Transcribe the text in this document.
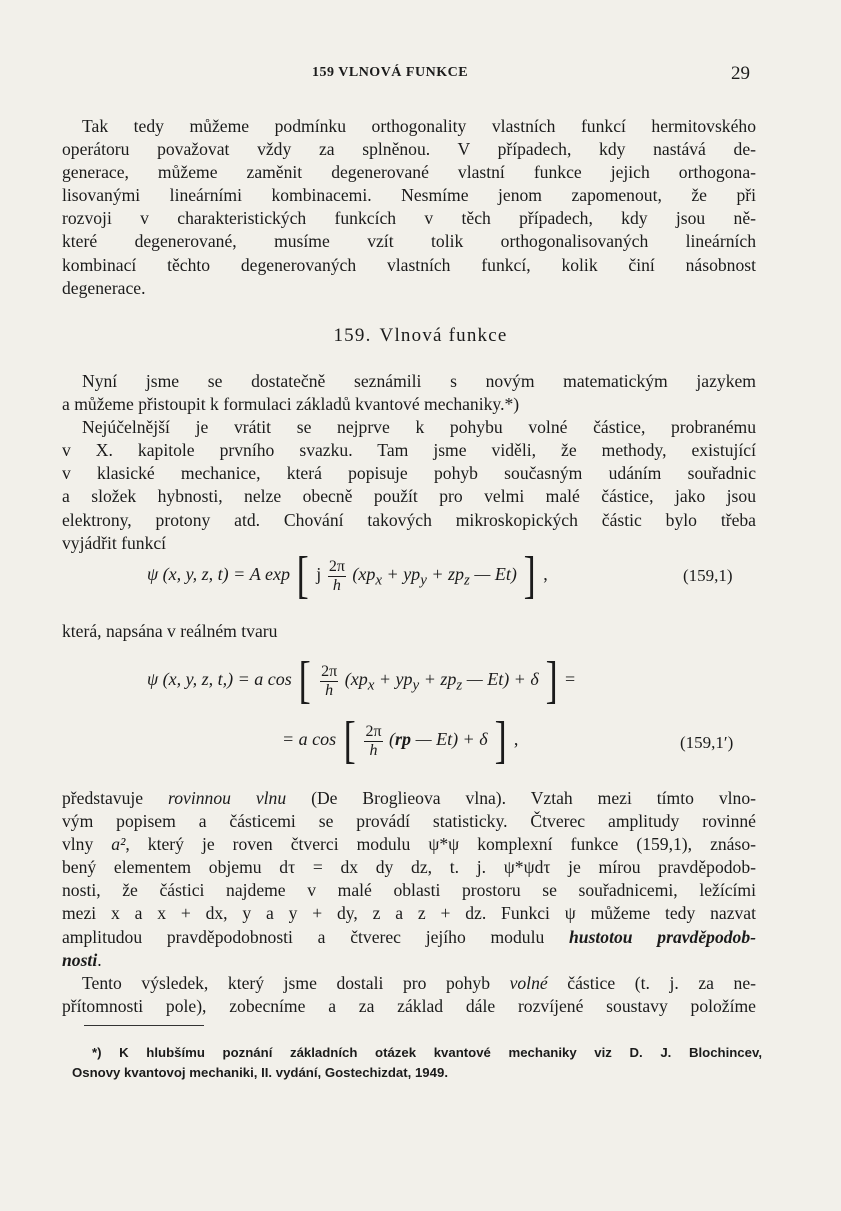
159 VLNOVÁ FUNKCE	29
Tak tedy můžeme podmínku orthogonality vlastních funkcí hermitovského
operátoru považovat vždy za splněnou. V případech, kdy nastává de-
generace, můžeme zaměnit degenerované vlastní funkce jejich orthogona-
lisovanými lineárními kombinacemi. Nesmíme jenom zapomenout, že při
rozvoji v charakteristických funkcích v těch případech, kdy jsou ně-
které degenerované, musíme vzít tolik orthogonalisovaných lineárních
kombinací těchto degenerovaných vlastních funkcí, kolik činí násobnost
degenerace.
159. Vlnová funkce
Nyní jsme se dostatečně seznámili s novým matematickým jazykem
a můžeme přistoupit k formulaci základů kvantové mechaniky.*)
Nejúčelnější je vrátit se nejprve k pohybu volné částice, probranému
v X. kapitole prvního svazku. Tam jsme viděli, že methody, existující
v klasické mechanice, která popisuje pohyb současným udáním souřadnic
a složek hybnosti, nelze obecně použít pro velmi malé částice, jako jsou
elektrony, protony atd. Chování takových mikroskopických částic bylo třeba
vyjádřit funkcí
ψ (x, y, z, t) = A exp [ j $\frac{2\pi}{h} (xp_x + yp_y + zp_z$ — Et) ] ,	(159,1)
která, napsána v reálném tvaru
ψ (x, y, z, t,) = a cos [ $\frac{2\pi}{h} (xp_x + yp_y + zp_z$ — Et) + δ ] =
= a cos [ $\frac{2\pi}{h} (rp$ — Et) + δ ] ,	(159,1′)
představuje rovinnou vlnu (De Broglieova vlna). Vztah mezi tímto vlno-
vým popisem a částicemi se provádí statisticky. Čtverec amplitudy rovinné
vlny a², který je roven čtverci modulu ψ*ψ komplexní funkce (159,1), znáso-
bený elementem objemu dτ = dx dy dz, t. j. ψ*ψdτ je mírou pravděpodob-
nosti, že částici najdeme v malé oblasti prostoru se souřadnicemi, ležícími
mezi x a x + dx, y a y + dy, z a z + dz. Funkci ψ můžeme tedy nazvat
amplitudou pravděpodobnosti a čtverec jejího modulu hustotou pravděpodob-
nosti.
Tento výsledek, který jsme dostali pro pohyb volné částice (t. j. za ne-
přítomnosti pole), zobecníme a za základ dále rozvíjené soustavy položíme
*) K hlubšímu poznání základních otázek kvantové mechaniky viz D. J. Blochincev,
Osnovy kvantovoj mechaniki, II. vydání, Gostechizdat, 1949.
